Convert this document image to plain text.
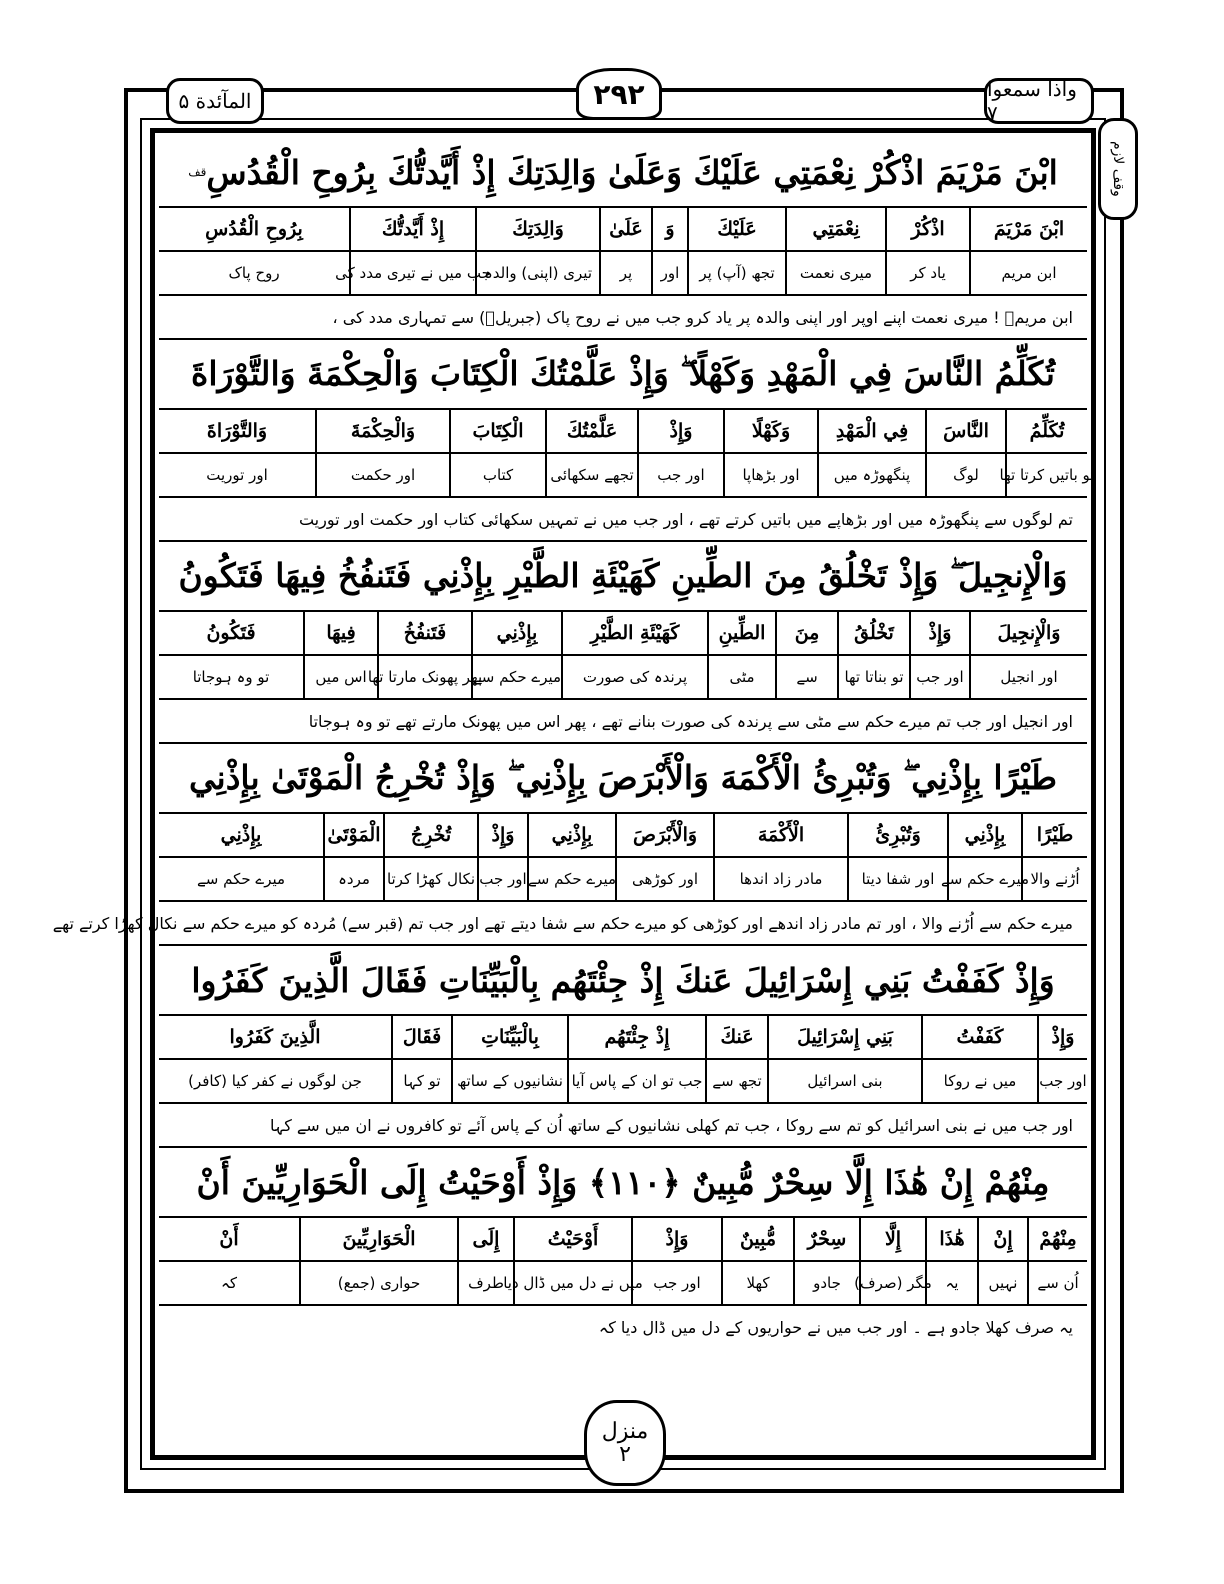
واذا سمعوا ۷
المآئدة ۵	۲۹۲
وقف لازم
ابْنَ مَرْيَمَ اذْكُرْ نِعْمَتِي عَلَيْكَ وَعَلَىٰ وَالِدَتِكَ إِذْ أَيَّدتُّكَ بِرُوحِ الْقُدُسِ
قف
ابْنَ مَرْيَمَ
اذْكُرْ
نِعْمَتِي
عَلَيْكَ
وَ
عَلَىٰ
وَالِدَتِكَ
إِذْ أَيَّدتُّكَ
بِرُوحِ الْقُدُسِ
ابن مریم
یاد کر
میری نعمت
تجھ (آپ) پر
اور
پر
تیری (اپنی) والدہ
جب میں نے تیری مدد کی
روح پاک
ابن مریمؑ ! میری نعمت اپنے اوپر اور اپنی والدہ پر یاد کرو جب میں نے روح پاک (جبریلؑ) سے تمہاری مدد کی ،
تُكَلِّمُ النَّاسَ فِي الْمَهْدِ وَكَهْلًا ۖ وَإِذْ عَلَّمْتُكَ الْكِتَابَ وَالْحِكْمَةَ وَالتَّوْرَاةَ
تُكَلِّمُ
النَّاسَ
فِي الْمَهْدِ
وَكَهْلًا
وَإِذْ
عَلَّمْتُكَ
الْكِتَابَ
وَالْحِكْمَةَ
وَالتَّوْرَاةَ
تو باتیں کرتا تھا
لوگ
پنگھوڑہ میں
اور بڑھاپا
اور جب
تجھے سکھائی
کتاب
اور حکمت
اور توریت
تم لوگوں سے پنگھوڑہ میں اور بڑھاپے میں باتیں کرتے تھے ، اور جب میں نے تمہیں سکھائی کتاب اور حکمت اور توریت
وَالْإِنجِيلَ ۖ وَإِذْ تَخْلُقُ مِنَ الطِّينِ كَهَيْئَةِ الطَّيْرِ بِإِذْنِي فَتَنفُخُ فِيهَا فَتَكُونُ
وَالْإِنجِيلَ
وَإِذْ
تَخْلُقُ
مِنَ
الطِّينِ
كَهَيْئَةِ الطَّيْرِ
بِإِذْنِي
فَتَنفُخُ
فِيهَا
فَتَكُونُ
اور انجیل
اور جب
تو بناتا تھا
سے
مٹی
پرندہ کی صورت
میرے حکم سے
پھر پھونک مارتا تھا
اس میں
تو وہ ہوجاتا
اور انجیل اور جب تم میرے حکم سے مٹی سے پرندہ کی صورت بنانے تھے ، پھر اس میں پھونک مارتے تھے تو وہ ہوجاتا
طَيْرًا بِإِذْنِي ۖ وَتُبْرِئُ الْأَكْمَهَ وَالْأَبْرَصَ بِإِذْنِي ۖ وَإِذْ تُخْرِجُ الْمَوْتَىٰ بِإِذْنِي
طَيْرًا
بِإِذْنِي
وَتُبْرِئُ
الْأَكْمَهَ
وَالْأَبْرَصَ
بِإِذْنِي
وَإِذْ
تُخْرِجُ
الْمَوْتَىٰ
بِإِذْنِي
اُڑنے والا
میرے حکم سے
اور شفا دیتا
مادر زاد اندھا
اور کوڑھی
میرے حکم سے
اور جب
نکال کھڑا کرتا
مردہ
میرے حکم سے
میرے حکم سے اُڑنے والا ، اور تم مادر زاد اندھے اور کوڑھی کو میرے حکم سے شفا دیتے تھے اور جب تم (قبر سے) مُردہ کو میرے حکم سے نکال کھڑا کرتے تھے
وَإِذْ كَفَفْتُ بَنِي إِسْرَائِيلَ عَنكَ إِذْ جِئْتَهُم بِالْبَيِّنَاتِ فَقَالَ الَّذِينَ كَفَرُوا
وَإِذْ
كَفَفْتُ
بَنِي إِسْرَائِيلَ
عَنكَ
إِذْ جِئْتَهُم
بِالْبَيِّنَاتِ
فَقَالَ
الَّذِينَ كَفَرُوا
اور جب
میں نے روکا
بنی اسرائیل
تجھ سے
جب تو ان کے پاس آیا
نشانیوں کے ساتھ
تو کہا
جن لوگوں نے کفر کیا (کافر)
اور جب میں نے بنی اسرائیل کو تم سے روکا ، جب تم کھلی نشانیوں کے ساتھ اُن کے پاس آئے تو کافروں نے ان میں سے کہا
مِنْهُمْ إِنْ هَٰذَا إِلَّا سِحْرٌ مُّبِينٌ ﴿١١٠﴾ وَإِذْ أَوْحَيْتُ إِلَى الْحَوَارِيِّينَ أَنْ
مِنْهُمْ
إِنْ
هَٰذَا
إِلَّا
سِحْرٌ
مُّبِينٌ
وَإِذْ
أَوْحَيْتُ
إِلَى
الْحَوَارِيِّينَ
أَنْ
اُن سے
نہیں
یہ
مگر (صرف)
جادو
کھلا
اور جب
میں نے دل میں ڈال دیا
طرف
حواری (جمع)
کہ
یہ صرف کھلا جادو ہے ۔ اور جب میں نے حواریوں کے دل میں ڈال دیا کہ
منزل
۲
